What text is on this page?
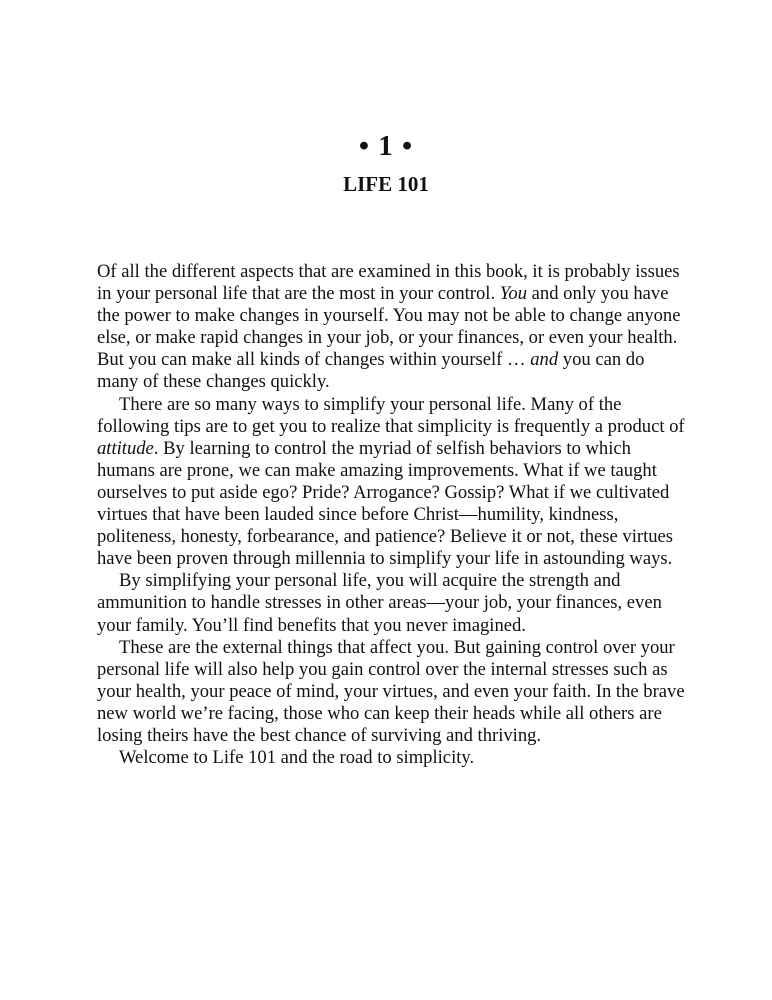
• 1 •
LIFE 101

Of all the different aspects that are examined in this book, it is probably issues in your personal life that are the most in your control. You and only you have the power to make changes in yourself. You may not be able to change anyone else, or make rapid changes in your job, or your finances, or even your health. But you can make all kinds of changes within yourself … and you can do many of these changes quickly.

There are so many ways to simplify your personal life. Many of the following tips are to get you to realize that simplicity is frequently a product of attitude. By learning to control the myriad of selfish behaviors to which humans are prone, we can make amazing improvements. What if we taught ourselves to put aside ego? Pride? Arrogance? Gossip? What if we cultivated virtues that have been lauded since before Christ—humility, kindness, politeness, honesty, forbearance, and patience? Believe it or not, these virtues have been proven through millennia to simplify your life in astounding ways.

By simplifying your personal life, you will acquire the strength and ammunition to handle stresses in other areas—your job, your finances, even your family. You’ll find benefits that you never imagined.

These are the external things that affect you. But gaining control over your personal life will also help you gain control over the internal stresses such as your health, your peace of mind, your virtues, and even your faith. In the brave new world we’re facing, those who can keep their heads while all others are losing theirs have the best chance of surviving and thriving.

Welcome to Life 101 and the road to simplicity.
